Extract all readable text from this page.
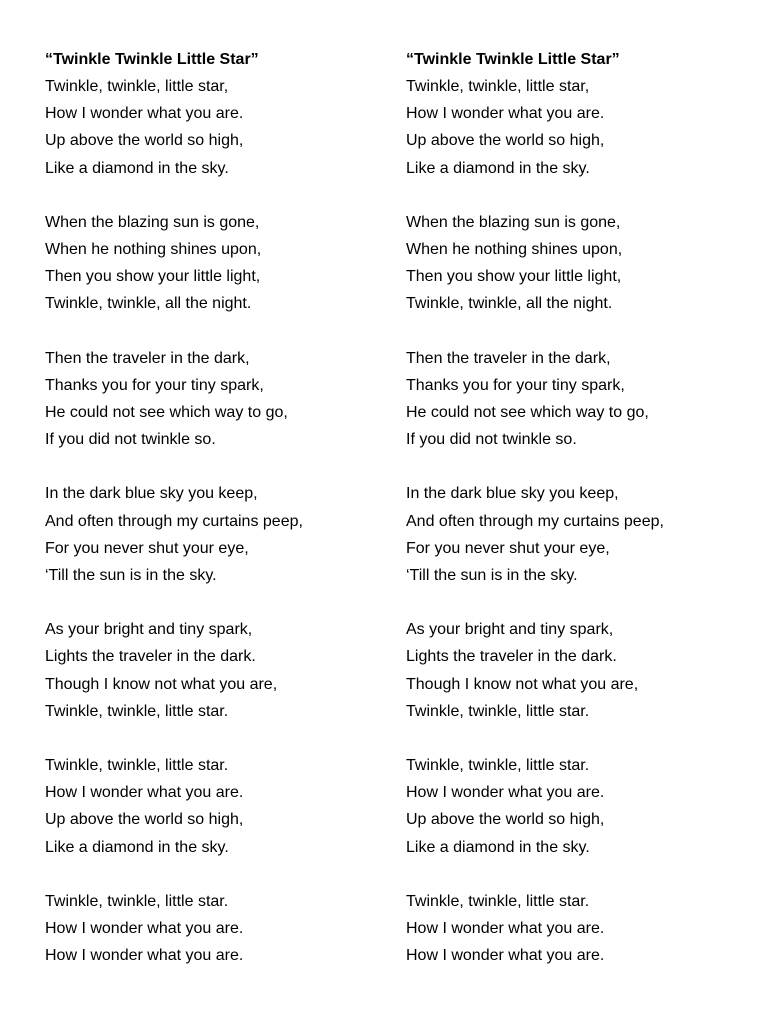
“Twinkle Twinkle Little Star”

Twinkle, twinkle, little star,

How I wonder what you are.

Up above the world so high,

Like a diamond in the sky.

When the blazing sun is gone,

When he nothing shines upon,

Then you show your little light,

Twinkle, twinkle, all the night.

Then the traveler in the dark,

Thanks you for your tiny spark,

He could not see which way to go,

If you did not twinkle so.

In the dark blue sky you keep,

And often through my curtains peep,

For you never shut your eye,

‘Till the sun is in the sky.

As your bright and tiny spark,

Lights the traveler in the dark.

Though I know not what you are,

Twinkle, twinkle, little star.

Twinkle, twinkle, little star.

How I wonder what you are.

Up above the world so high,

Like a diamond in the sky.

Twinkle, twinkle, little star.

How I wonder what you are.

How I wonder what you are.

“Twinkle Twinkle Little Star”

Twinkle, twinkle, little star,

How I wonder what you are.

Up above the world so high,

Like a diamond in the sky.

When the blazing sun is gone,

When he nothing shines upon,

Then you show your little light,

Twinkle, twinkle, all the night.

Then the traveler in the dark,

Thanks you for your tiny spark,

He could not see which way to go,

If you did not twinkle so.

In the dark blue sky you keep,

And often through my curtains peep,

For you never shut your eye,

‘Till the sun is in the sky.

As your bright and tiny spark,

Lights the traveler in the dark.

Though I know not what you are,

Twinkle, twinkle, little star.

Twinkle, twinkle, little star.

How I wonder what you are.

Up above the world so high,

Like a diamond in the sky.

Twinkle, twinkle, little star.

How I wonder what you are.

How I wonder what you are.
